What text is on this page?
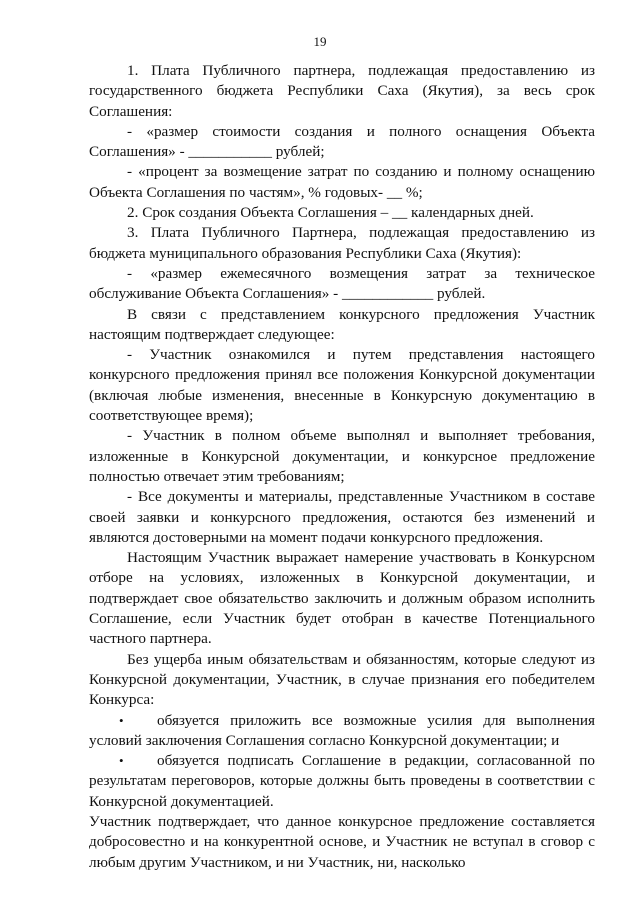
19

1. Плата Публичного партнера, подлежащая предоставлению из государственного бюджета Республики Саха (Якутия), за весь срок Соглашения:

- «размер стоимости создания и полного оснащения Объекта Соглашения» - ___________ рублей;

- «процент за возмещение затрат по созданию и полному оснащению Объекта Соглашения по частям», % годовых- __ %;

2. Срок создания Объекта Соглашения – __ календарных дней.

3. Плата Публичного Партнера, подлежащая предоставлению из бюджета муниципального образования Республики Саха (Якутия):

- «размер ежемесячного возмещения затрат за техническое обслуживание Объекта Соглашения» - ____________ рублей.

В связи с представлением конкурсного предложения Участник настоящим подтверждает следующее:

- Участник ознакомился и путем представления настоящего конкурсного предложения принял все положения Конкурсной документации (включая любые изменения, внесенные в Конкурсную документацию в соответствующее время);

- Участник в полном объеме выполнял и выполняет требования, изложенные в Конкурсной документации, и конкурсное предложение полностью отвечает этим требованиям;

- Все документы и материалы, представленные Участником в составе своей заявки и конкурсного предложения, остаются без изменений и являются достоверными на момент подачи конкурсного предложения.

Настоящим Участник выражает намерение участвовать в Конкурсном отборе на условиях, изложенных в Конкурсной документации, и подтверждает свое обязательство заключить и должным образом исполнить Соглашение, если Участник будет отобран в качестве Потенциального частного партнера.

Без ущерба иным обязательствам и обязанностям, которые следуют из Конкурсной документации, Участник, в случае признания его победителем Конкурса:

• обязуется приложить все возможные усилия для выполнения условий заключения Соглашения согласно Конкурсной документации; и

• обязуется подписать Соглашение в редакции, согласованной по результатам переговоров, которые должны быть проведены в соответствии с Конкурсной документацией.

Участник подтверждает, что данное конкурсное предложение составляется добросовестно и на конкурентной основе, и Участник не вступал в сговор с любым другим Участником, и ни Участник, ни, насколько
